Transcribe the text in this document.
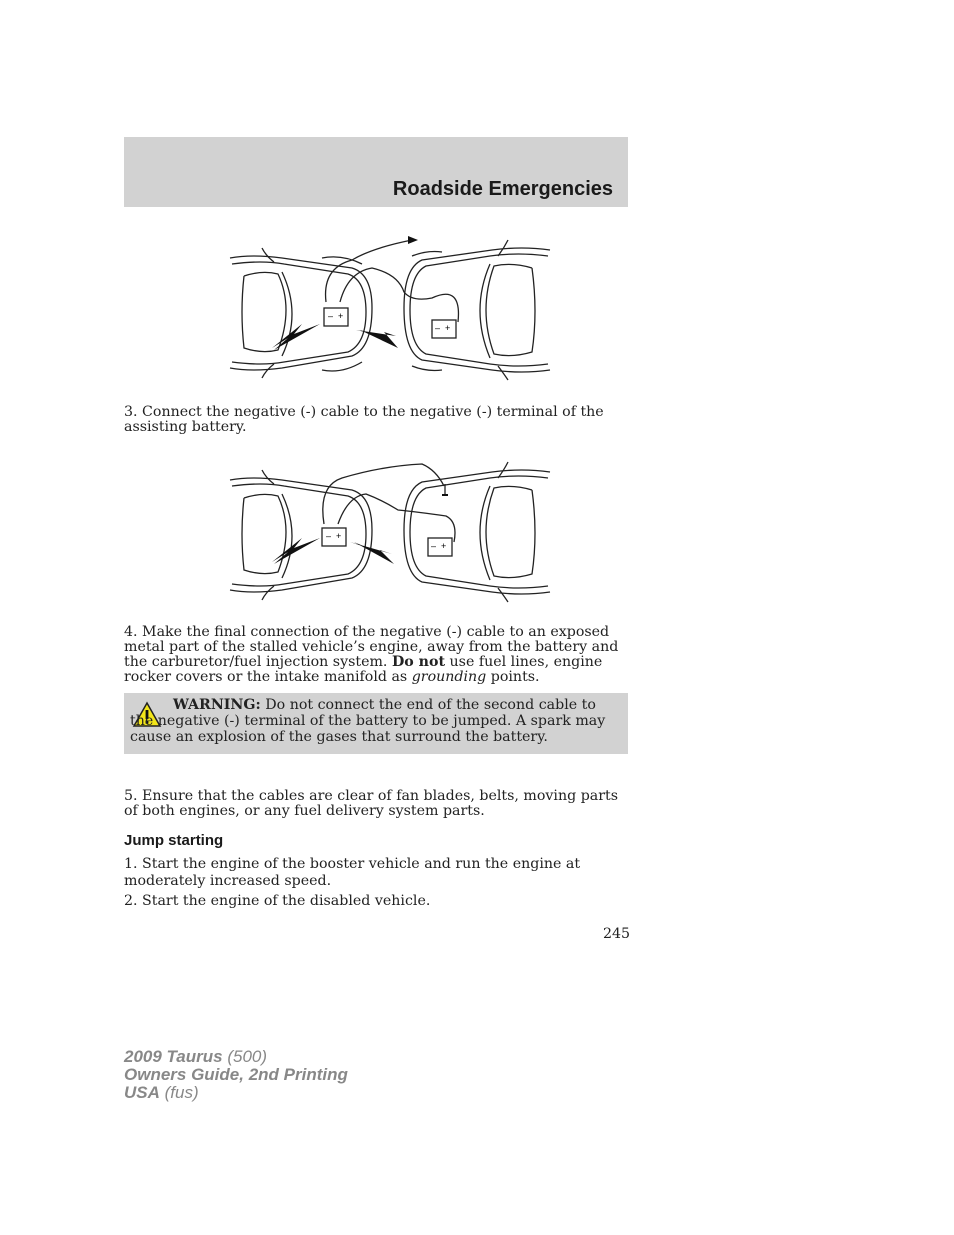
Roadside Emergencies
– +
– +
3. Connect the negative (-) cable to the negative (-) terminal of the assisting battery.
– +
– +
4. Make the final connection of the negative (-) cable to an exposed metal part of the stalled vehicle’s engine, away from the battery and the carburetor/fuel injection system. Do not use fuel lines, engine rocker covers or the intake manifold as grounding points.
WARNING: Do not connect the end of the second cable to the negative (-) terminal of the battery to be jumped. A spark may cause an explosion of the gases that surround the battery.
5. Ensure that the cables are clear of fan blades, belts, moving parts of both engines, or any fuel delivery system parts.
Jump starting
1. Start the engine of the booster vehicle and run the engine at moderately increased speed.
2. Start the engine of the disabled vehicle.
245
2009 Taurus (500)
Owners Guide, 2nd Printing
USA (fus)
